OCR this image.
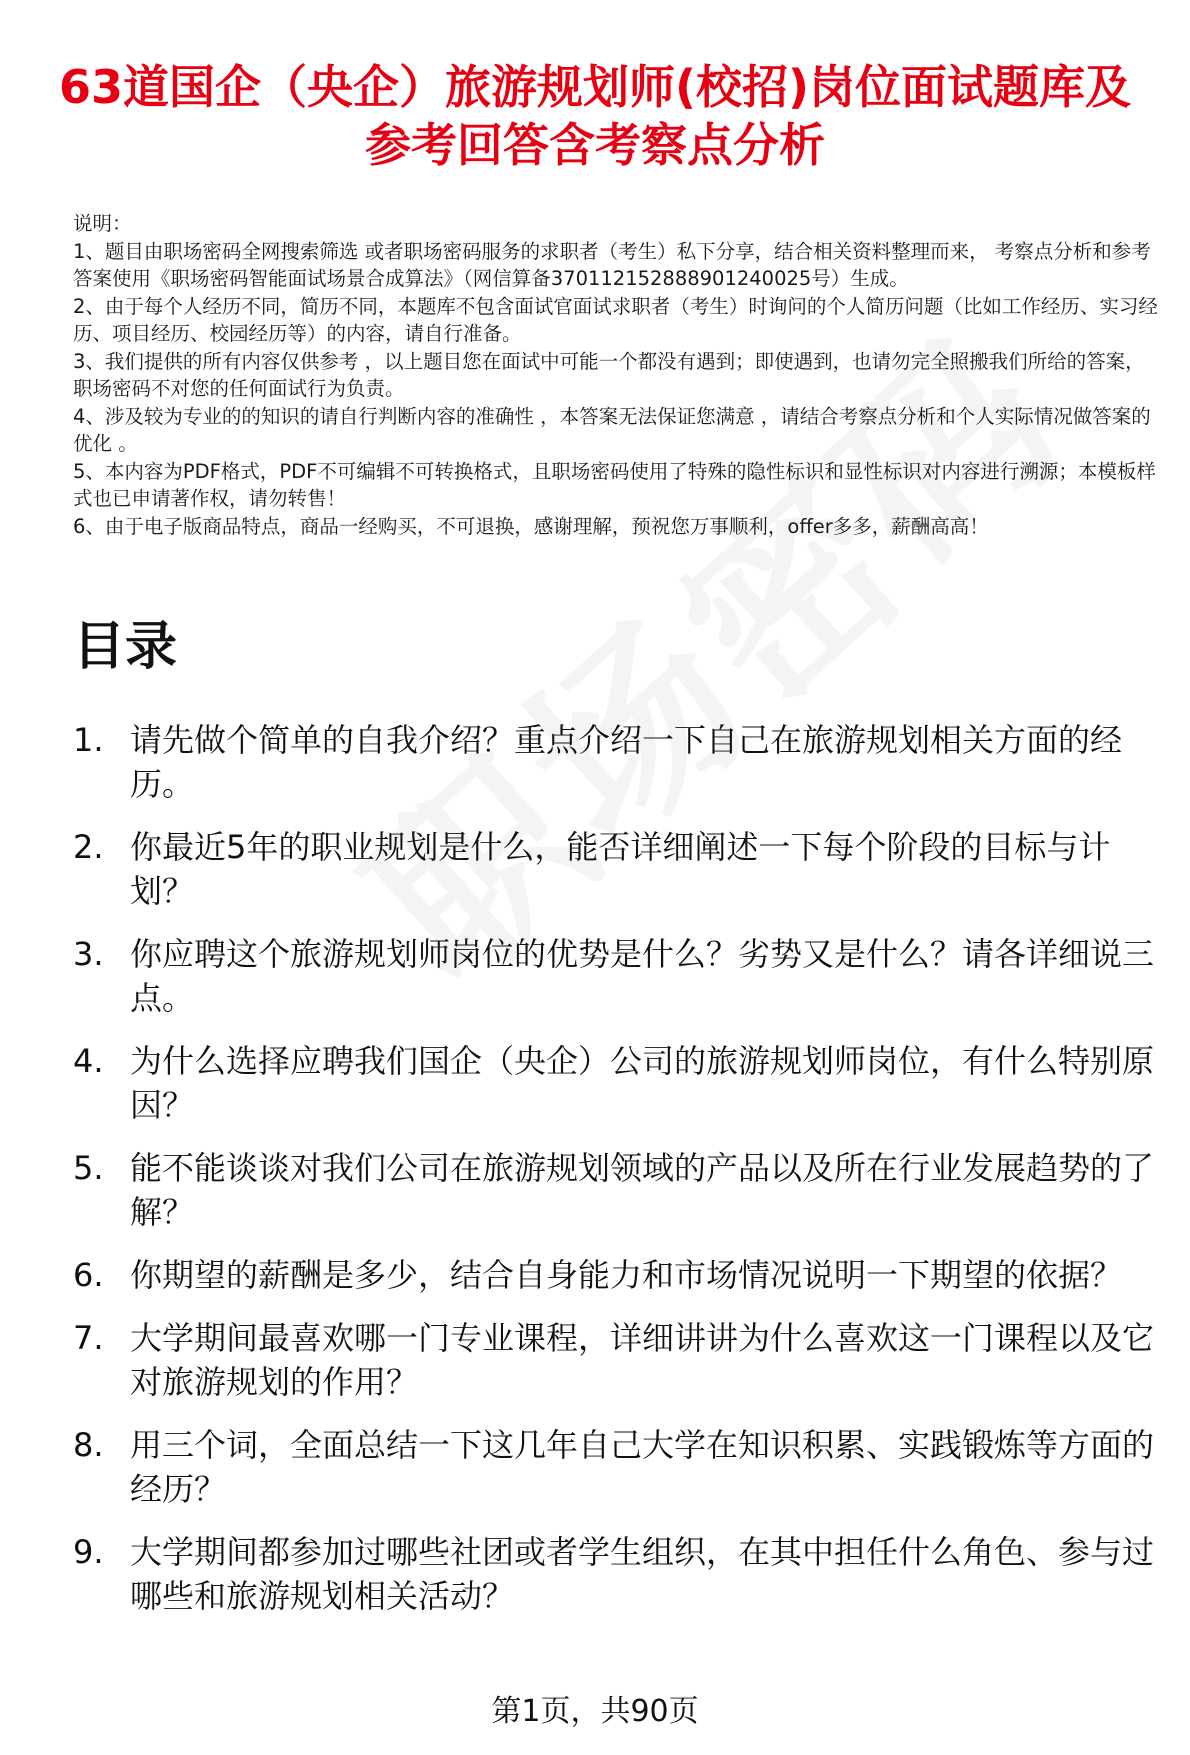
63道国企（央企）旅游规划师(校招)岗位面试题库及参考回答含考察点分析
说明：
1、题目由职场密码全网搜索筛选 或者职场密码服务的求职者（考生）私下分享，结合相关资料整理而来， 考察点分析和参考答案使用《职场密码智能面试场景合成算法》（网信算备370112152888901240025号）生成。
2、由于每个人经历不同，简历不同，本题库不包含面试官面试求职者（考生）时询问的个人简历问题（比如工作经历、实习经历、项目经历、校园经历等）的内容，请自行准备。
3、我们提供的所有内容仅供参考 ，以上题目您在面试中可能一个都没有遇到；即使遇到，也请勿完全照搬我们所给的答案，职场密码不对您的任何面试行为负责。
4、涉及较为专业的的知识的请自行判断内容的准确性 ，本答案无法保证您满意 ，请结合考察点分析和个人实际情况做答案的优化 。
5、本内容为PDF格式，PDF不可编辑不可转换格式，且职场密码使用了特殊的隐性标识和显性标识对内容进行溯源；本模板样式也已申请著作权，请勿转售！
6、由于电子版商品特点，商品一经购买，不可退换，感谢理解，预祝您万事顺利，offer多多，薪酬高高！
目录
1. 请先做个简单的自我介绍？重点介绍一下自己在旅游规划相关方面的经历。
2. 你最近5年的职业规划是什么，能否详细阐述一下每个阶段的目标与计划？
3. 你应聘这个旅游规划师岗位的优势是什么？劣势又是什么？请各详细说三点。
4. 为什么选择应聘我们国企（央企）公司的旅游规划师岗位，有什么特别原因？
5. 能不能谈谈对我们公司在旅游规划领域的产品以及所在行业发展趋势的了解？
6. 你期望的薪酬是多少，结合自身能力和市场情况说明一下期望的依据？
7. 大学期间最喜欢哪一门专业课程，详细讲讲为什么喜欢这一门课程以及它对旅游规划的作用？
8. 用三个词，全面总结一下这几年自己大学在知识积累、实践锻炼等方面的经历？
9. 大学期间都参加过哪些社团或者学生组织，在其中担任什么角色、参与过哪些和旅游规划相关活动？
第1页，共90页
